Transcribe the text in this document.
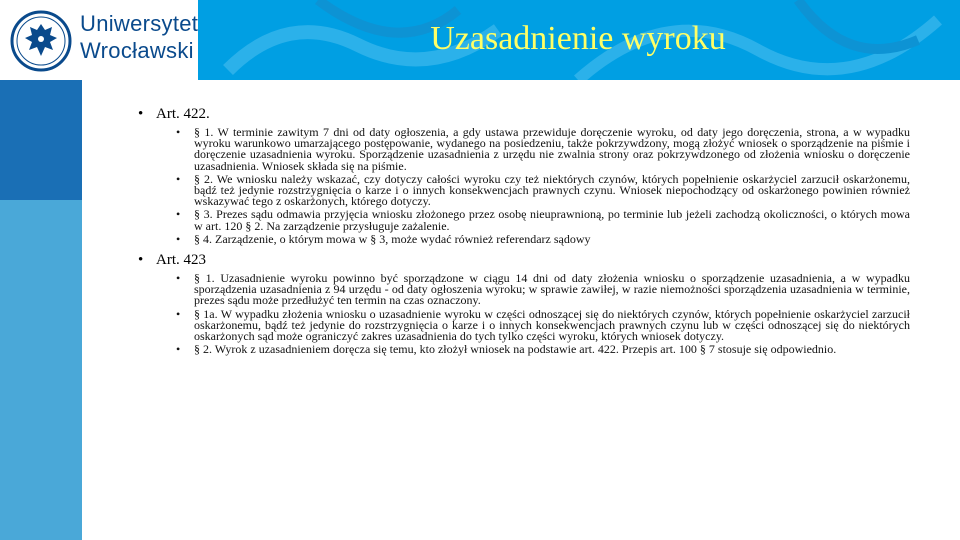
Uniwersytet
Wrocławski	Uzasadnienie wyroku
• Art. 422.
• § 1. W terminie zawitym 7 dni od daty ogłoszenia, a gdy ustawa przewiduje doręczenie wyroku, od daty jego doręczenia, strona, a w wypadku wyroku warunkowo umarzającego postępowanie, wydanego na posiedzeniu, także pokrzywdzony, mogą złożyć wniosek o sporządzenie na piśmie i doręczenie uzasadnienia wyroku. Sporządzenie uzasadnienia z urzędu nie zwalnia strony oraz pokrzywdzonego od złożenia wniosku o doręczenie uzasadnienia. Wniosek składa się na piśmie.
• § 2. We wniosku należy wskazać, czy dotyczy całości wyroku czy też niektórych czynów, których popełnienie oskarżyciel zarzucił oskarżonemu, bądź też jedynie rozstrzygnięcia o karze i o innych konsekwencjach prawnych czynu. Wniosek niepochodzący od oskarżonego powinien również wskazywać tego z oskarżonych, którego dotyczy.
• § 3. Prezes sądu odmawia przyjęcia wniosku złożonego przez osobę nieuprawnioną, po terminie lub jeżeli zachodzą okoliczności, o których mowa w art. 120 § 2. Na zarządzenie przysługuje zażalenie.
• § 4. Zarządzenie, o którym mowa w § 3, może wydać również referendarz sądowy
• Art. 423
• § 1. Uzasadnienie wyroku powinno być sporządzone w ciągu 14 dni od daty złożenia wniosku o sporządzenie uzasadnienia, a w wypadku sporządzenia uzasadnienia z 94 urzędu - od daty ogłoszenia wyroku; w sprawie zawiłej, w razie niemożności sporządzenia uzasadnienia w terminie, prezes sądu może przedłużyć ten termin na czas oznaczony.
• § 1a. W wypadku złożenia wniosku o uzasadnienie wyroku w części odnoszącej się do niektórych czynów, których popełnienie oskarżyciel zarzucił oskarżonemu, bądź też jedynie do rozstrzygnięcia o karze i o innych konsekwencjach prawnych czynu lub w części odnoszącej się do niektórych oskarżonych sąd może ograniczyć zakres uzasadnienia do tych tylko części wyroku, których wniosek dotyczy.
• § 2. Wyrok z uzasadnieniem doręcza się temu, kto złożył wniosek na podstawie art. 422. Przepis art. 100 § 7 stosuje się odpowiednio.
